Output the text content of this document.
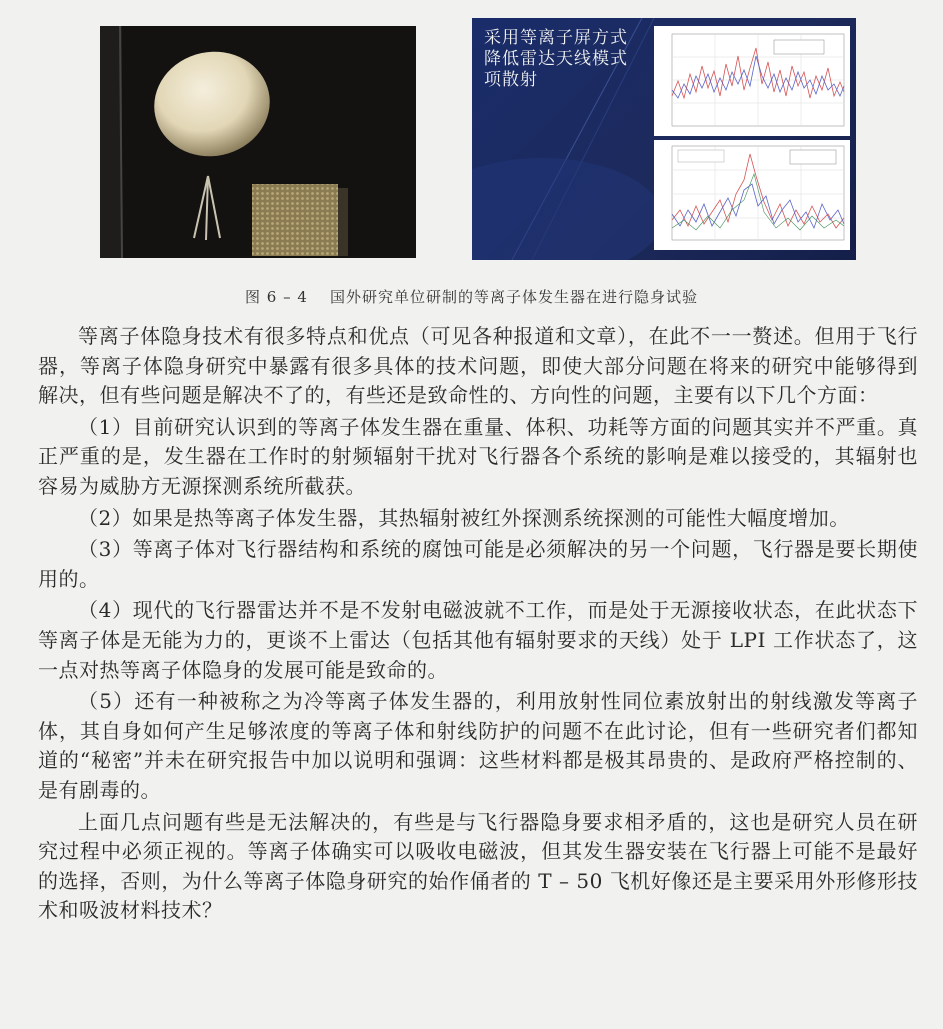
采用等离子屏方式
降低雷达天线模式
项散射
图 6 – 4 国外研究单位研制的等离子体发生器在进行隐身试验

等离子体隐身技术有很多特点和优点（可见各种报道和文章），在此不一一赘述。但用于飞行器，等离子体隐身研究中暴露有很多具体的技术问题，即使大部分问题在将来的研究中能够得到解决，但有些问题是解决不了的，有些还是致命性的、方向性的问题，主要有以下几个方面：

（1）目前研究认识到的等离子体发生器在重量、体积、功耗等方面的问题其实并不严重。真正严重的是，发生器在工作时的射频辐射干扰对飞行器各个系统的影响是难以接受的，其辐射也容易为威胁方无源探测系统所截获。

（2）如果是热等离子体发生器，其热辐射被红外探测系统探测的可能性大幅度增加。

（3）等离子体对飞行器结构和系统的腐蚀可能是必须解决的另一个问题，飞行器是要长期使用的。

（4）现代的飞行器雷达并不是不发射电磁波就不工作，而是处于无源接收状态，在此状态下等离子体是无能为力的，更谈不上雷达（包括其他有辐射要求的天线）处于 LPI 工作状态了，这一点对热等离子体隐身的发展可能是致命的。

（5）还有一种被称之为冷等离子体发生器的，利用放射性同位素放射出的射线激发等离子体，其自身如何产生足够浓度的等离子体和射线防护的问题不在此讨论，但有一些研究者们都知道的“秘密”并未在研究报告中加以说明和强调：这些材料都是极其昂贵的、是政府严格控制的、是有剧毒的。

上面几点问题有些是无法解决的，有些是与飞行器隐身要求相矛盾的，这也是研究人员在研究过程中必须正视的。等离子体确实可以吸收电磁波，但其发生器安装在飞行器上可能不是最好的选择，否则，为什么等离子体隐身研究的始作俑者的 T – 50 飞机好像还是主要采用外形修形技术和吸波材料技术？
